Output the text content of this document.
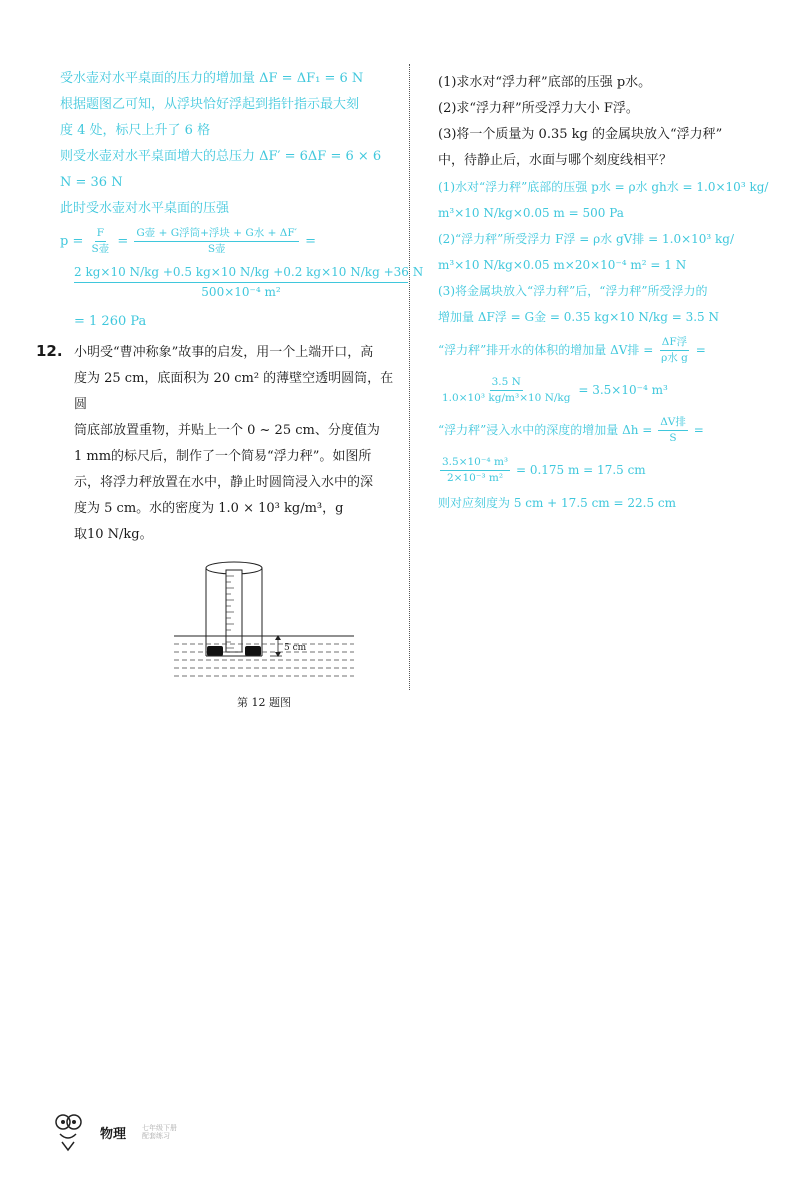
受水壶对水平桌面的压力的增加量 ΔF = ΔF₁ = 6 N
根据题图乙可知，从浮块恰好浮起到指针指示最大刻
度 4 处，标尺上升了 6 格
则受水壶对水平桌面增大的总压力 ΔF′ = 6ΔF = 6 × 6
N = 36 N
此时受水壶对水平桌面的压强
$p = \frac{F}{\text{S壶}} = \frac{\text{G壶 + G浮筒+浮块 + G水 + ΔF′}}{\text{S壶}}$ =
2 kg×10 N/kg +0.5 kg×10 N/kg +0.2 kg×10 N/kg +36 N
500×10⁻⁴ m²
= 1 260 Pa
12. 小明受“曹冲称象”故事的启发，用一个上端开口，高
度为 25 cm，底面积为 20 cm² 的薄壁空透明圆筒，在圆
筒底部放置重物，并贴上一个 0 ~ 25 cm、分度值为
1 mm的标尺后，制作了一个简易“浮力秤”。如图所
示，将浮力秤放置在水中，静止时圆筒浸入水中的深
度为 5 cm。水的密度为 1.0 × 10³ kg/m³，g
取10 N/kg。
5 cm
第 12 题图
(1)求水对“浮力秤”底部的压强 p水。
(2)求“浮力秤”所受浮力大小 F浮。
(3)将一个质量为 0.35 kg 的金属块放入“浮力秤”
中，待静止后，水面与哪个刻度线相平？
(1)水对“浮力秤”底部的压强 p水 = ρ水 gh水 = 1.0×10³ kg/
m³×10 N/kg×0.05 m = 500 Pa
(2)“浮力秤”所受浮力 F浮 = ρ水 gV排 = 1.0×10³ kg/
m³×10 N/kg×0.05 m×20×10⁻⁴ m² = 1 N
(3)将金属块放入“浮力秤”后，“浮力秤”所受浮力的
增加量 ΔF浮 = G金 = 0.35 kg×10 N/kg = 3.5 N
“浮力秤”排开水的体积的增加量 ΔV排 = $\frac{\text{ΔF浮}}{\text{ρ水 g}}$ =
$\frac{3.5 N}{\text{1.0×10³ kg/m³×10 N/kg}} = 3.5\times 10^{-4}$ m³
“浮力秤”浸入水中的深度的增加量 $\Delta h = \frac{\text{ΔV排}}{S}$ =
$\frac{\text{3.5×10⁻⁴ m³}}{\text{2×10⁻³ m²}} = 0.175$ m = 17.5 cm
则对应刻度为 5 cm + 17.5 cm = 22.5 cm
物理 七年级下册
配套练习
